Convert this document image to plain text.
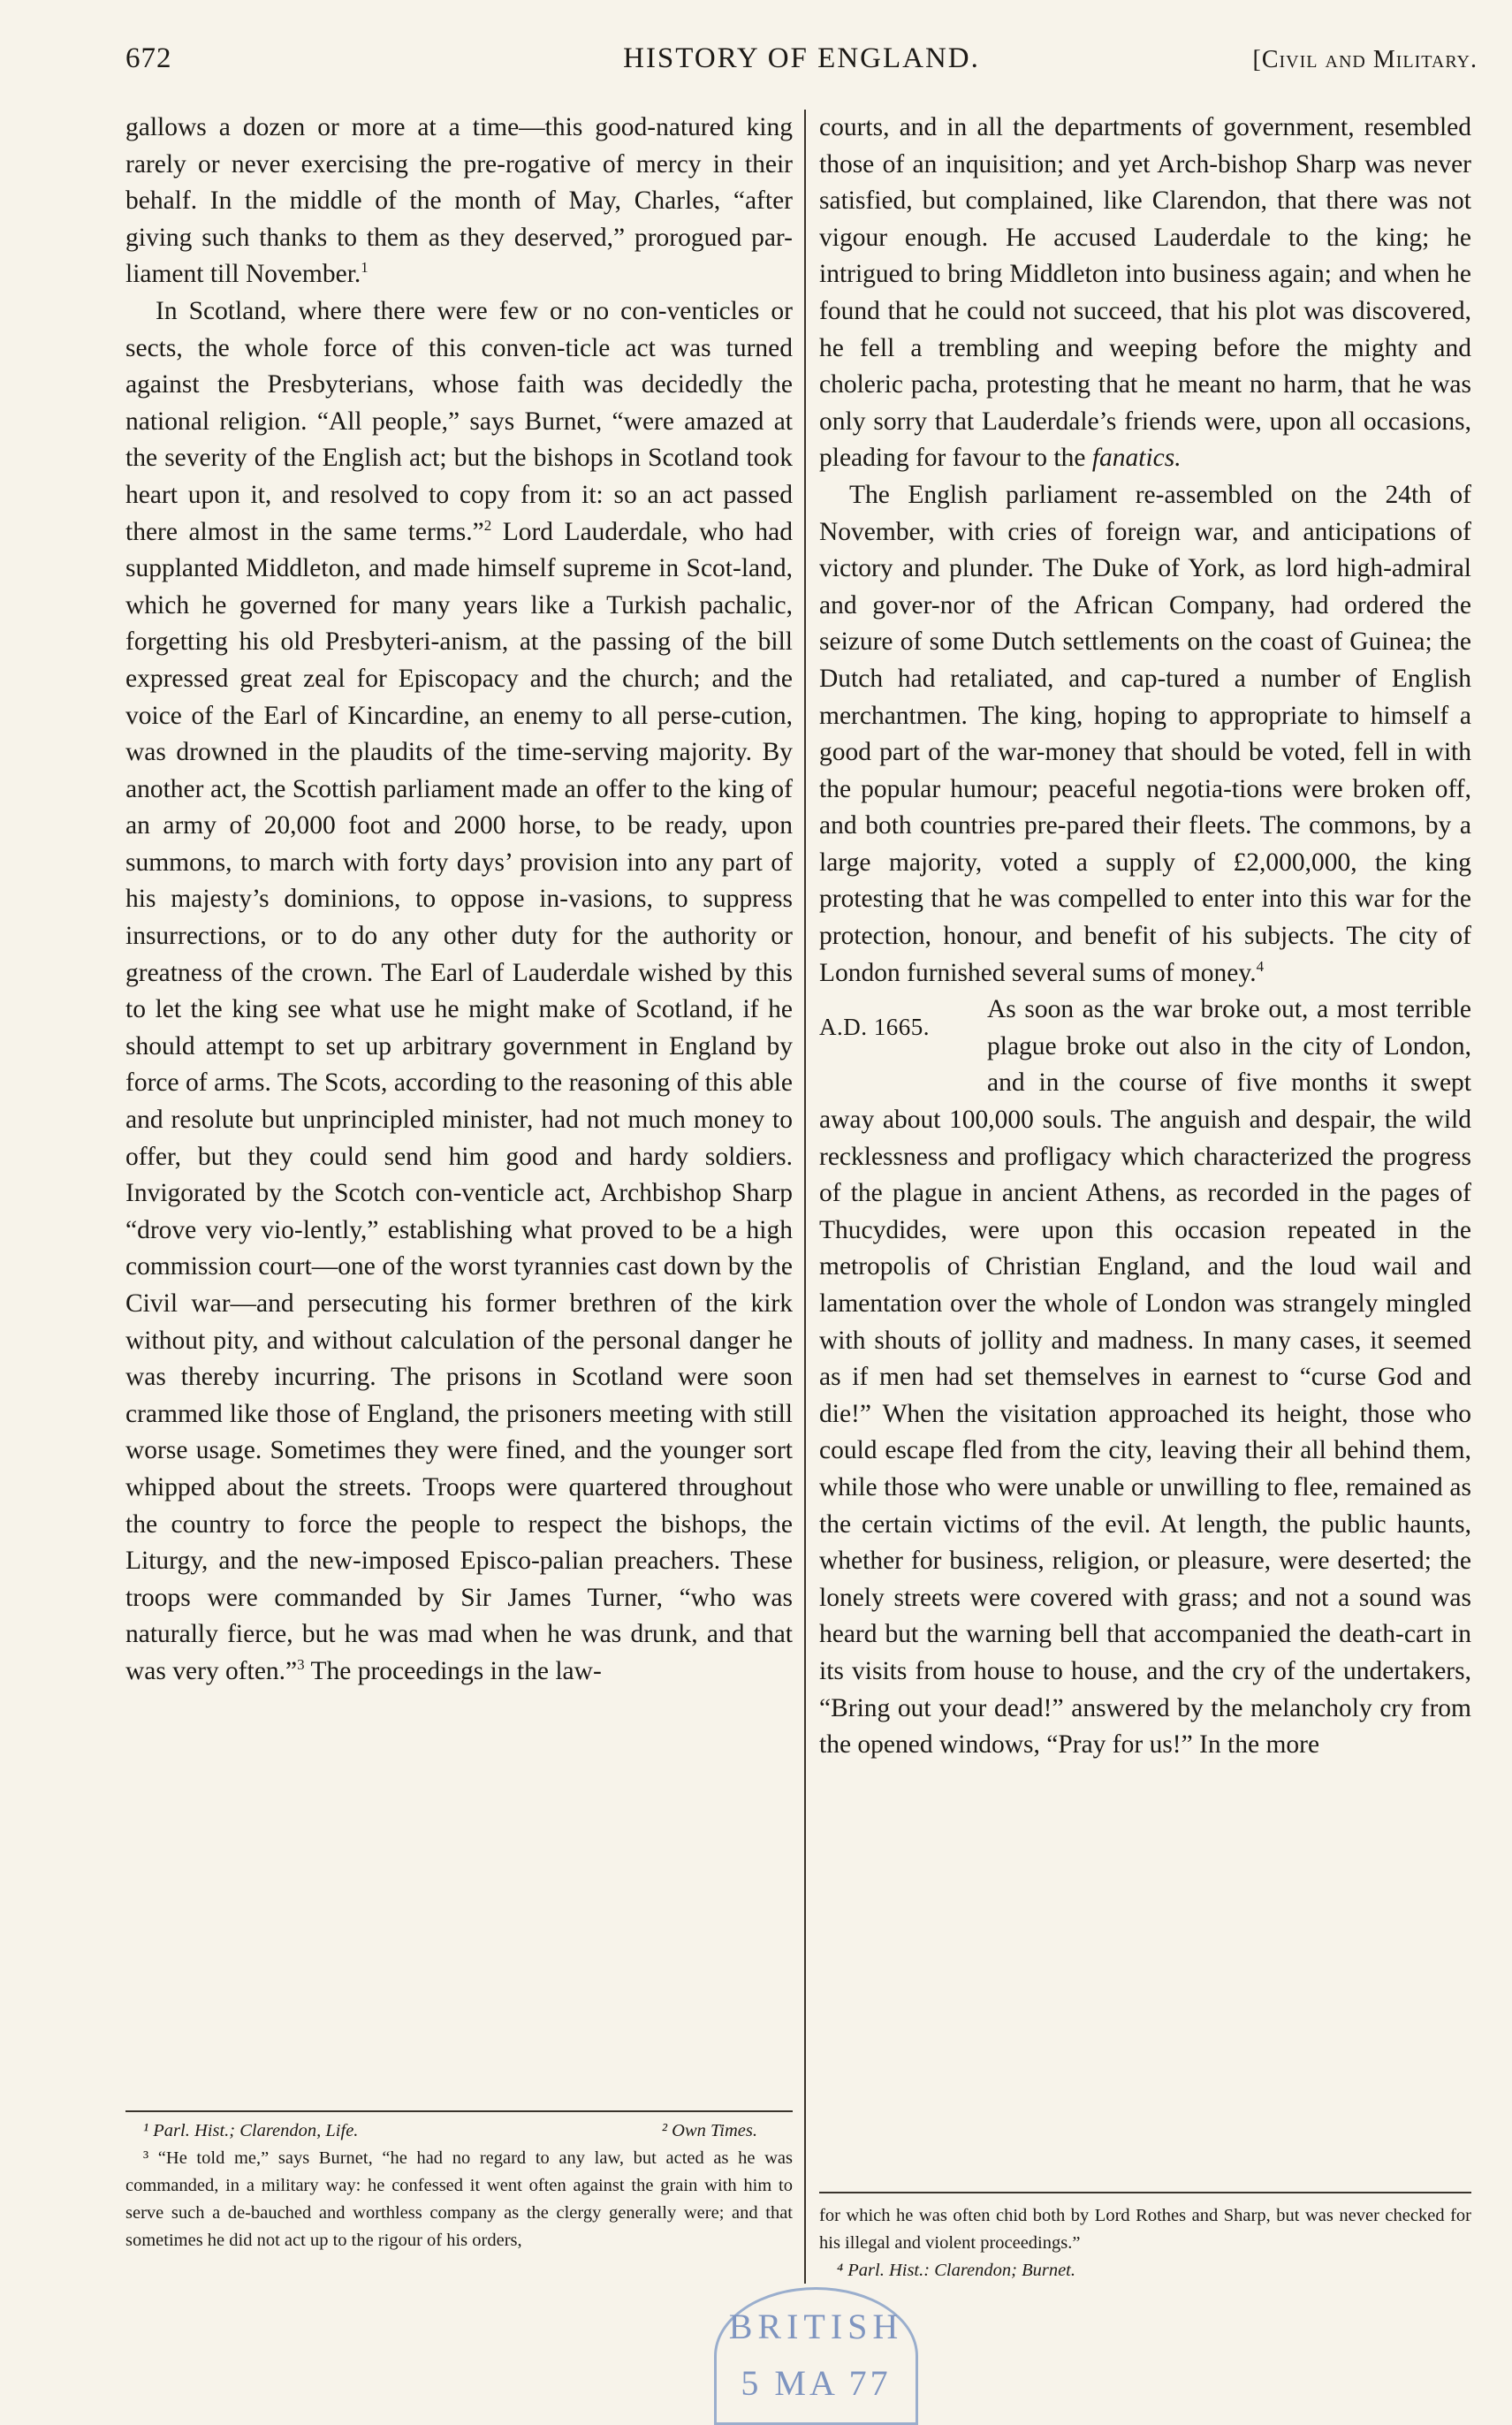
672	HISTORY OF ENGLAND.	[Civil and Military.

gallows a dozen or more at a time—this good-natured king rarely or never exercising the pre-rogative of mercy in their behalf. In the middle of the month of May, Charles, “after giving such thanks to them as they deserved,” prorogued par-liament till November.$^1$

In Scotland, where there were few or no con-venticles or sects, the whole force of this conven-ticle act was turned against the Presbyterians, whose faith was decidedly the national religion. “All people,” says Burnet, “were amazed at the severity of the English act; but the bishops in Scotland took heart upon it, and resolved to copy from it: so an act passed there almost in the same terms.”$^2$ Lord Lauderdale, who had supplanted Middleton, and made himself supreme in Scot-land, which he governed for many years like a Turkish pachalic, forgetting his old Presbyteri-anism, at the passing of the bill expressed great zeal for Episcopacy and the church; and the voice of the Earl of Kincardine, an enemy to all perse-cution, was drowned in the plaudits of the time-serving majority. By another act, the Scottish parliament made an offer to the king of an army of 20,000 foot and 2000 horse, to be ready, upon summons, to march with forty days’ provision into any part of his majesty’s dominions, to oppose in-vasions, to suppress insurrections, or to do any other duty for the authority or greatness of the crown. The Earl of Lauderdale wished by this to let the king see what use he might make of Scotland, if he should attempt to set up arbitrary government in England by force of arms. The Scots, according to the reasoning of this able and resolute but unprincipled minister, had not much money to offer, but they could send him good and hardy soldiers. Invigorated by the Scotch con-venticle act, Archbishop Sharp “drove very vio-lently,” establishing what proved to be a high commission court—one of the worst tyrannies cast down by the Civil war—and persecuting his former brethren of the kirk without pity, and without calculation of the personal danger he was thereby incurring. The prisons in Scotland were soon crammed like those of England, the prisoners meeting with still worse usage. Sometimes they were fined, and the younger sort whipped about the streets. Troops were quartered throughout the country to force the people to respect the bishops, the Liturgy, and the new-imposed Episco-palian preachers. These troops were commanded by Sir James Turner, “who was naturally fierce, but he was mad when he was drunk, and that was very often.”$^3$ The proceedings in the law-

courts, and in all the departments of government, resembled those of an inquisition; and yet Arch-bishop Sharp was never satisfied, but complained, like Clarendon, that there was not vigour enough. He accused Lauderdale to the king; he intrigued to bring Middleton into business again; and when he found that he could not succeed, that his plot was discovered, he fell a trembling and weeping before the mighty and choleric pacha, protesting that he meant no harm, that he was only sorry that Lauderdale’s friends were, upon all occasions, pleading for favour to the fanatics.

The English parliament re-assembled on the 24th of November, with cries of foreign war, and anticipations of victory and plunder. The Duke of York, as lord high-admiral and gover-nor of the African Company, had ordered the seizure of some Dutch settlements on the coast of Guinea; the Dutch had retaliated, and cap-tured a number of English merchantmen. The king, hoping to appropriate to himself a good part of the war-money that should be voted, fell in with the popular humour; peaceful negotia-tions were broken off, and both countries pre-pared their fleets. The commons, by a large majority, voted a supply of £2,000,000, the king protesting that he was compelled to enter into this war for the protection, honour, and benefit of his subjects. The city of London furnished several sums of money.$^4$

A.D. 1665.
As soon as the war broke out, a most terrible plague broke out also in the city of London, and in the course of five months it swept away about 100,000 souls. The anguish and despair, the wild recklessness and profligacy which characterized the progress of the plague in ancient Athens, as recorded in the pages of Thucydides, were upon this occasion repeated in the metropolis of Christian England, and the loud wail and lamentation over the whole of London was strangely mingled with shouts of jollity and madness. In many cases, it seemed as if men had set themselves in earnest to “curse God and die!” When the visitation approached its height, those who could escape fled from the city, leaving their all behind them, while those who were unable or unwilling to flee, remained as the certain victims of the evil. At length, the public haunts, whether for business, religion, or pleasure, were deserted; the lonely streets were covered with grass; and not a sound was heard but the warning bell that accompanied the death-cart in its visits from house to house, and the cry of the undertakers, “Bring out your dead!” answered by the melancholy cry from the opened windows, “Pray for us!” In the more

¹ Parl. Hist.; Clarendon, Life.	² Own Times.

³ “He told me,” says Burnet, “he had no regard to any law, but acted as he was commanded, in a military way: he confessed it went often against the grain with him to serve such a de-bauched and worthless company as the clergy generally were; and that sometimes he did not act up to the rigour of his orders,

for which he was often chid both by Lord Rothes and Sharp, but was never checked for his illegal and violent proceedings.”

⁴ Parl. Hist.: Clarendon; Burnet.

BRITISH
5 MA 77
